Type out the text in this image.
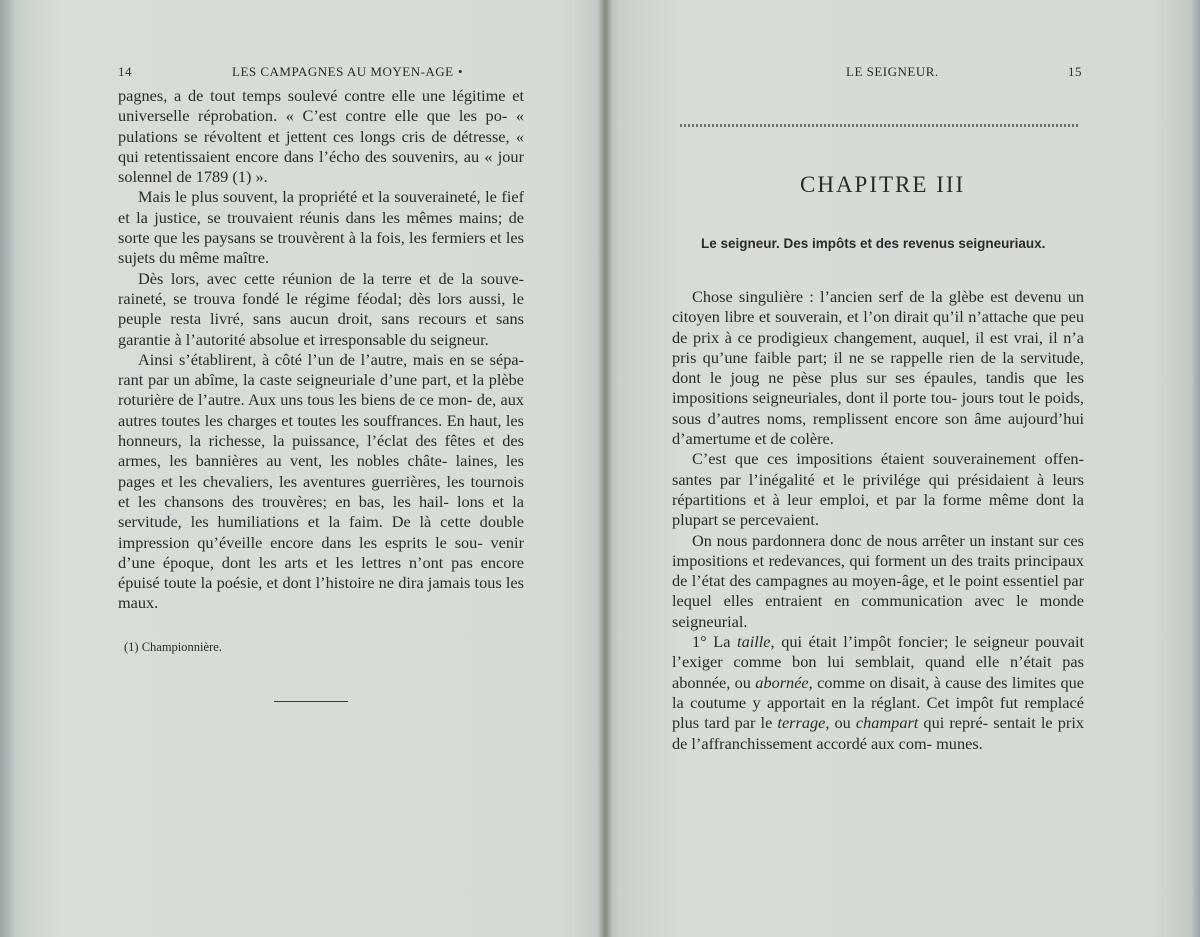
14	LES CAMPAGNES AU MOYEN-AGE •

pagnes, a de tout temps soulevé contre elle une légitime et universelle réprobation. « C’est contre elle que les po- « pulations se révoltent et jettent ces longs cris de détresse, « qui retentissaient encore dans l’écho des souvenirs, au « jour solennel de 1789 (1) ».

Mais le plus souvent, la propriété et la souveraineté, le fief et la justice, se trouvaient réunis dans les mêmes mains; de sorte que les paysans se trouvèrent à la fois, les fermiers et les sujets du même maître.

Dès lors, avec cette réunion de la terre et de la souve- raineté, se trouva fondé le régime féodal; dès lors aussi, le peuple resta livré, sans aucun droit, sans recours et sans garantie à l’autorité absolue et irresponsable du seigneur.

Ainsi s’établirent, à côté l’un de l’autre, mais en se sépa- rant par un abîme, la caste seigneuriale d’une part, et la plèbe roturière de l’autre. Aux uns tous les biens de ce mon- de, aux autres toutes les charges et toutes les souffrances. En haut, les honneurs, la richesse, la puissance, l’éclat des fêtes et des armes, les bannières au vent, les nobles châte- laines, les pages et les chevaliers, les aventures guerrières, les tournois et les chansons des trouvères; en bas, les hail- lons et la servitude, les humiliations et la faim. De là cette double impression qu’éveille encore dans les esprits le sou- venir d’une époque, dont les arts et les lettres n’ont pas encore épuisé toute la poésie, et dont l’histoire ne dira jamais tous les maux.

(1) Championnière.
LE SEIGNEUR.	15
CHAPITRE III
Le seigneur. Des impôts et des revenus seigneuriaux.

Chose singulière : l’ancien serf de la glèbe est devenu un citoyen libre et souverain, et l’on dirait qu’il n’attache que peu de prix à ce prodigieux changement, auquel, il est vrai, il n’a pris qu’une faible part; il ne se rappelle rien de la servitude, dont le joug ne pèse plus sur ses épaules, tandis que les impositions seigneuriales, dont il porte tou- jours tout le poids, sous d’autres noms, remplissent encore son âme aujourd’hui d’amertume et de colère.

C’est que ces impositions étaient souverainement offen- santes par l’inégalité et le privilége qui présidaient à leurs répartitions et à leur emploi, et par la forme même dont la plupart se percevaient.

On nous pardonnera donc de nous arrêter un instant sur ces impositions et redevances, qui forment un des traits principaux de l’état des campagnes au moyen-âge, et le point essentiel par lequel elles entraient en communication avec le monde seigneurial.

1° La taille, qui était l’impôt foncier; le seigneur pouvait l’exiger comme bon lui semblait, quand elle n’était pas abonnée, ou abornée, comme on disait, à cause des limites que la coutume y apportait en la réglant. Cet impôt fut remplacé plus tard par le terrage, ou champart qui repré- sentait le prix de l’affranchissement accordé aux com- munes.
